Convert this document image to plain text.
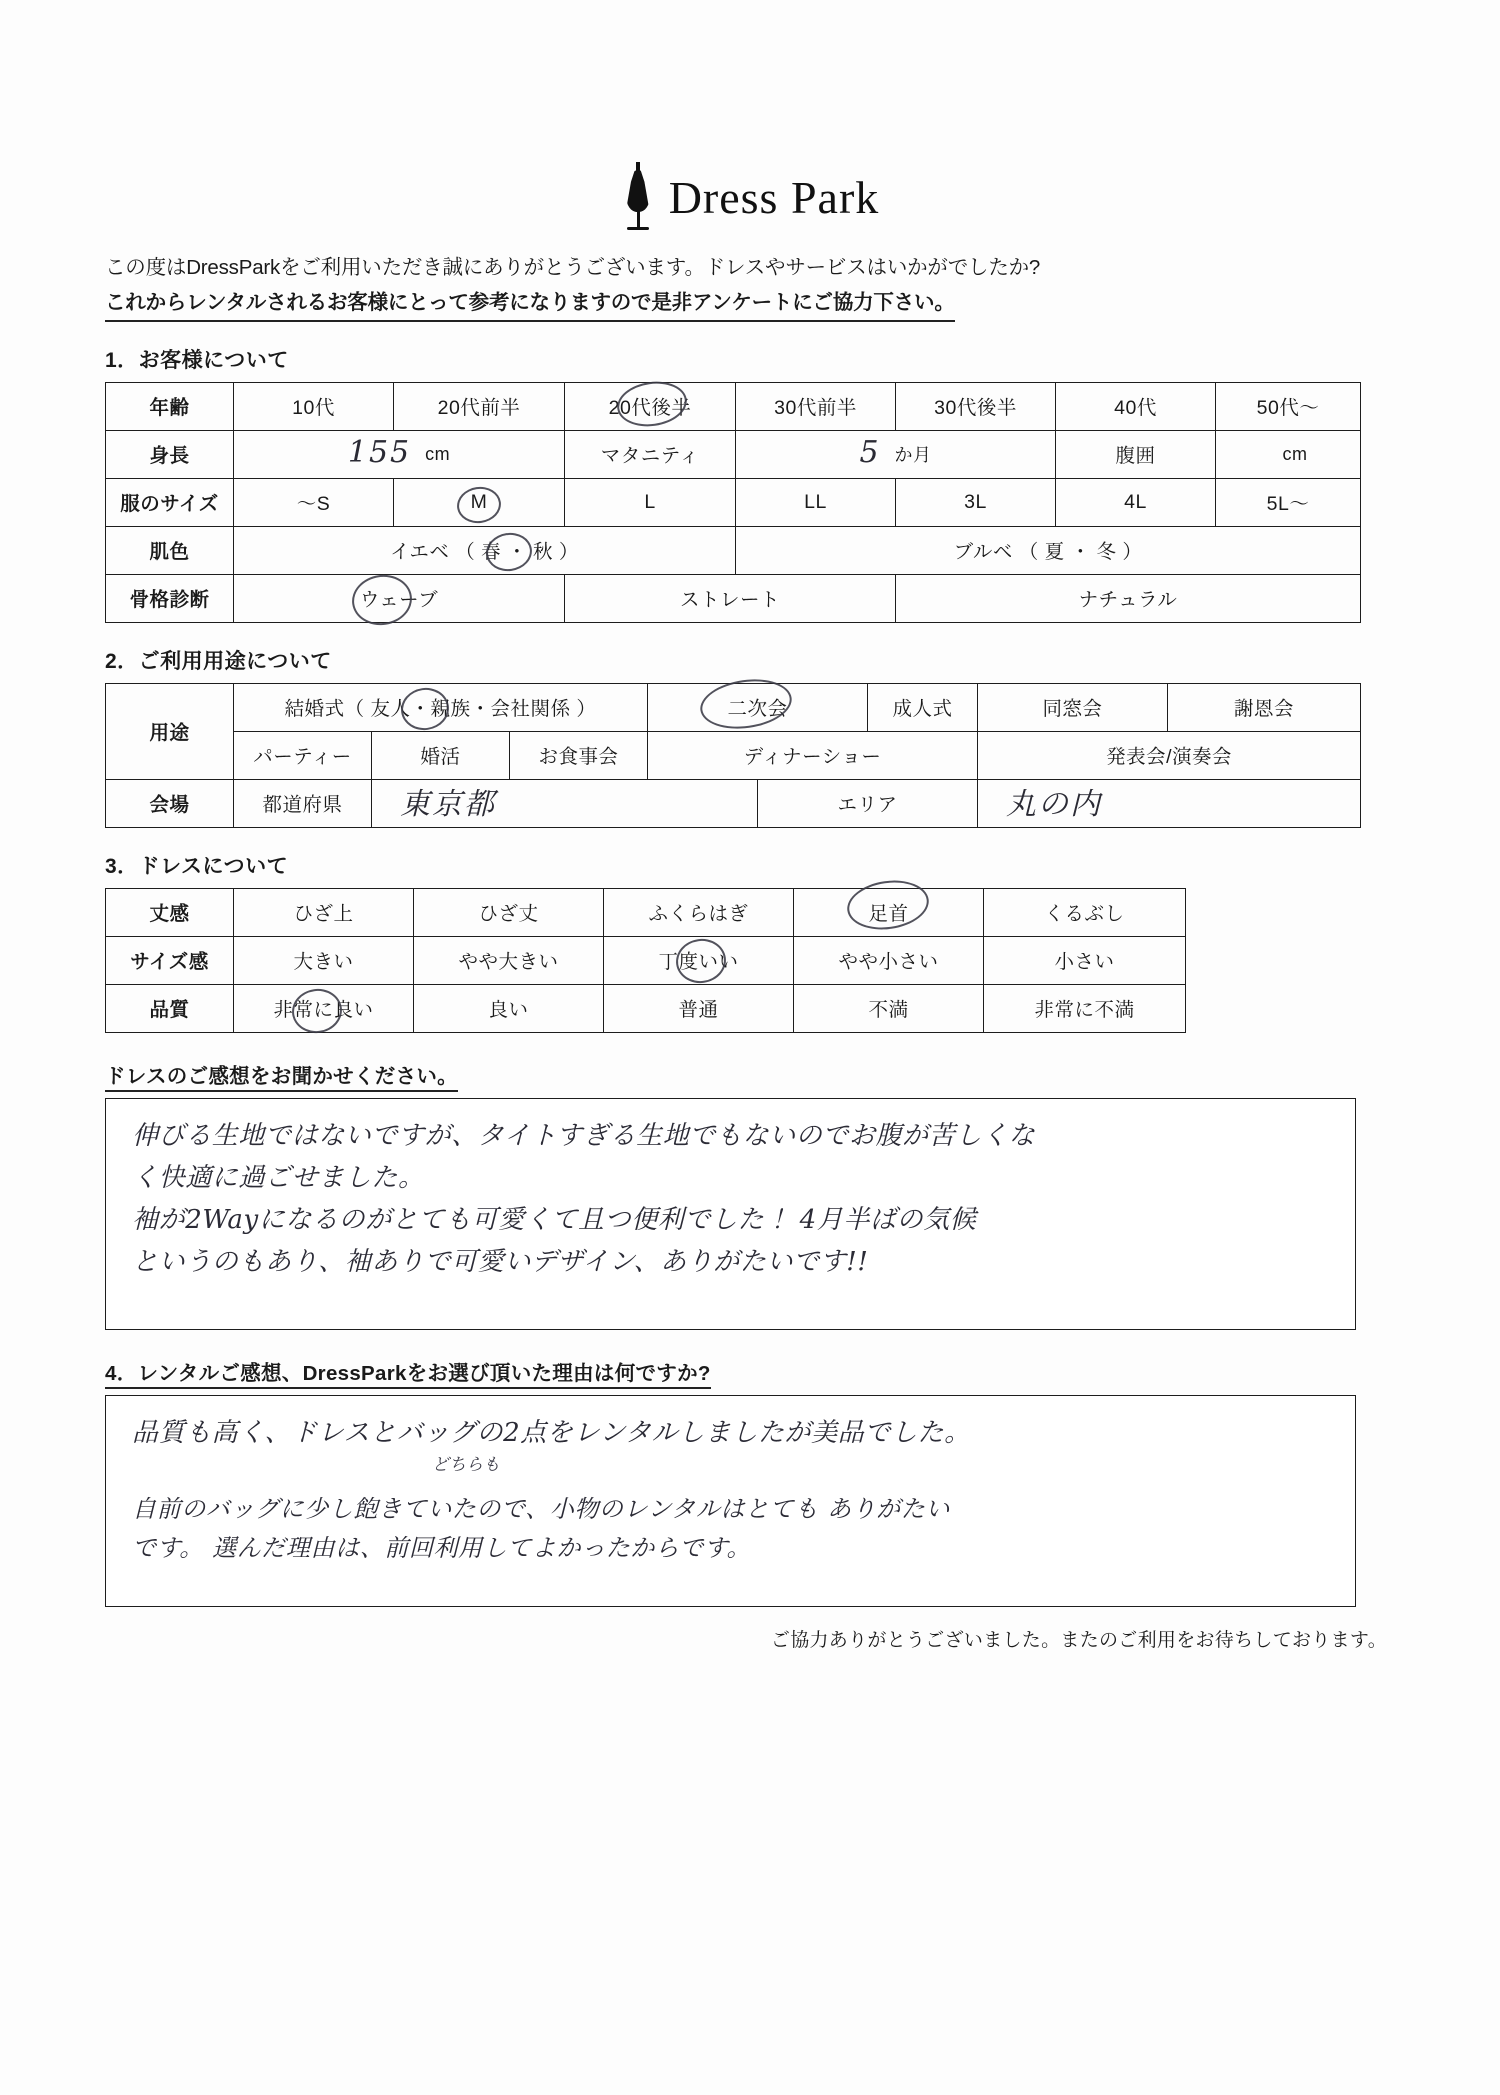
Dress Park
この度はDressParkをご利用いただき誠にありがとうございます。ドレスやサービスはいかがでしたか?
これからレンタルされるお客様にとって参考になりますので是非アンケートにご協力下さい。
1．お客様について
年齢	10代	20代前半	20代後半	30代前半	30代後半	40代	50代〜
身長	155 cm		マタニティ	5 か月		腹囲	cm

服のサイズ	〜S	M	L	LL	3L	4L	5L〜
肌色	イエベ （ 春 ・ 秋 ）			ブルベ （ 夏 ・ 冬 ）			
骨格診断	ウェーブ		ストレート		ナチュラル		
2．ご利用用途について
用途	結婚式（ 友人・親族・会社関係 ）			二次会		成人式	同窓会	謝恩会
	パーティー	婚活	お食事会	ディナーショー			発表会/演奏会	
会場	都道府県	東京都			エリア		丸の内	
3．ドレスについて
丈感	ひざ上	ひざ丈	ふくらはぎ	足首	くるぶし
サイズ感	大きい	やや大きい	丁度いい	やや小さい	小さい
品質	非常に良い	良い	普通	不満	非常に不満
ドレスのご感想をお聞かせください。
伸びる生地ではないですが、タイトすぎる生地でもないのでお腹が苦しくな
く快適に過ごせました。
袖が2Wayになるのがとても可愛くて且つ便利でした！ 4月半ばの気候
というのもあり、袖ありで可愛いデザイン、ありがたいです!!
4．レンタルご感想、DressParkをお選び頂いた理由は何ですか?
品質も高く、ドレスとバッグの2点をレンタルしましたが美品でした。
どちらも
自前のバッグに少し飽きていたので、小物のレンタルはとても ありがたい
です。 選んだ理由は、前回利用してよかったからです。
ご協力ありがとうございました。またのご利用をお待ちしております。
